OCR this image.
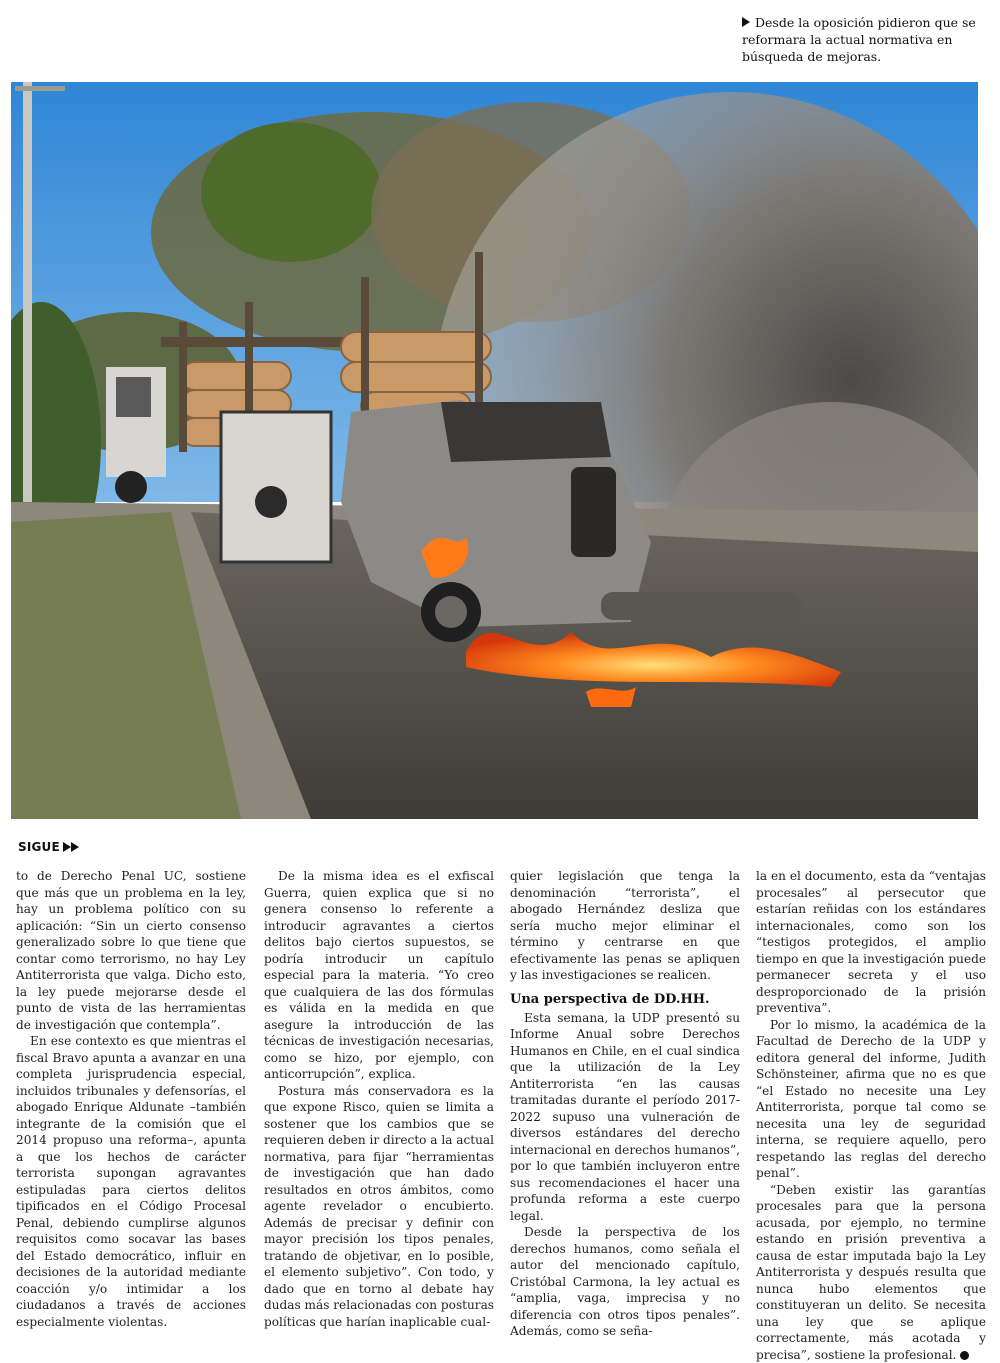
Desde la oposición pidieron que se reformara la actual normativa en búsqueda de mejoras.
SIGUE

to de Derecho Penal UC, sostiene que más que un problema en la ley, hay un problema político con su aplicación: “Sin un cierto consenso generalizado sobre lo que tiene que contar como terrorismo, no hay Ley Antiterrorista que valga. Dicho esto, la ley puede mejorarse desde el punto de vista de las herramientas de investigación que contempla”.

En ese contexto es que mientras el fiscal Bravo apunta a avanzar en una completa jurisprudencia especial, incluidos tribunales y defensorías, el abogado Enrique Aldunate –también integrante de la comisión que el 2014 propuso una reforma–, apunta a que los hechos de carácter terrorista supongan agravantes estipuladas para ciertos delitos tipificados en el Código Procesal Penal, debiendo cumplirse algunos requisitos como socavar las bases del Estado democrático, influir en decisiones de la autoridad mediante coacción y/o intimidar a los ciudadanos a través de acciones especialmente violentas.

De la misma idea es el exfiscal Guerra, quien explica que si no genera consenso lo referente a introducir agravantes a ciertos delitos bajo ciertos supuestos, se podría introducir un capítulo especial para la materia. “Yo creo que cualquiera de las dos fórmulas es válida en la medida en que asegure la introducción de las técnicas de investigación necesarias, como se hizo, por ejemplo, con anticorrupción”, explica.

Postura más conservadora es la que expone Risco, quien se limita a sostener que los cambios que se requieren deben ir directo a la actual normativa, para fijar “herramientas de investigación que han dado resultados en otros ámbitos, como agente revelador o encubierto. Además de precisar y definir con mayor precisión los tipos penales, tratando de objetivar, en lo posible, el elemento subjetivo”. Con todo, y dado que en torno al debate hay dudas más relacionadas con posturas políticas que harían inaplicable cual-

quier legislación que tenga la denominación “terrorista”, el abogado Hernández desliza que sería mucho mejor eliminar el término y centrarse en que efectivamente las penas se apliquen y las investigaciones se realicen.

Una perspectiva de DD.HH.

Esta semana, la UDP presentó su Informe Anual sobre Derechos Humanos en Chile, en el cual sindica que la utilización de la Ley Antiterrorista “en las causas tramitadas durante el período 2017-2022 supuso una vulneración de diversos estándares del derecho internacional en derechos humanos”, por lo que también incluyeron entre sus recomendaciones el hacer una profunda reforma a este cuerpo legal.

Desde la perspectiva de los derechos humanos, como señala el autor del mencionado capítulo, Cristóbal Carmona, la ley actual es “amplia, vaga, imprecisa y no diferencia con otros tipos penales”. Además, como se seña-

la en el documento, esta da “ventajas procesales” al persecutor que estarían reñidas con los estándares internacionales, como son los “testigos protegidos, el amplio tiempo en que la investigación puede permanecer secreta y el uso desproporcionado de la prisión preventiva”.

Por lo mismo, la académica de la Facultad de Derecho de la UDP y editora general del informe, Judith Schönsteiner, afirma que no es que “el Estado no necesite una Ley Antiterrorista, porque tal como se necesita una ley de seguridad interna, se requiere aquello, pero respetando las reglas del derecho penal”.

“Deben existir las garantías procesales para que la persona acusada, por ejemplo, no termine estando en prisión preventiva a causa de estar imputada bajo la Ley Antiterrorista y después resulta que nunca hubo elementos que constituyeran un delito. Se necesita una ley que se aplique correctamente, más acotada y precisa”, sostiene la profesional.
